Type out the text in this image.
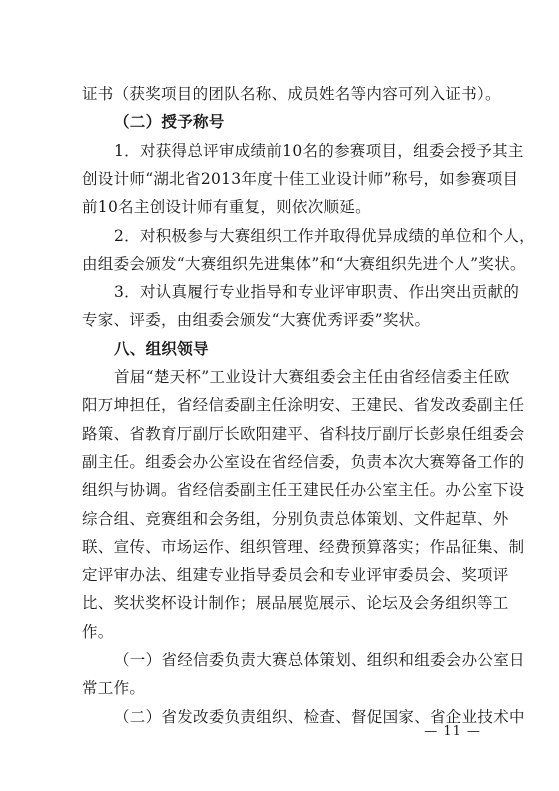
证书（获奖项目的团队名称、成员姓名等内容可列入证书）。
（二）授予称号
1．对获得总评审成绩前10名的参赛项目，组委会授予其主
创设计师“湖北省2013年度十佳工业设计师”称号，如参赛项目
前10名主创设计师有重复，则依次顺延。
2．对积极参与大赛组织工作并取得优异成绩的单位和个人，
由组委会颁发“大赛组织先进集体”和“大赛组织先进个人”奖状。
3．对认真履行专业指导和专业评审职责、作出突出贡献的
专家、评委，由组委会颁发“大赛优秀评委”奖状。
八、组织领导
首届“楚天杯”工业设计大赛组委会主任由省经信委主任欧
阳万坤担任，省经信委副主任涂明安、王建民、省发改委副主任
路策、省教育厅副厅长欧阳建平、省科技厅副厅长彭泉任组委会
副主任。组委会办公室设在省经信委，负责本次大赛筹备工作的
组织与协调。省经信委副主任王建民任办公室主任。办公室下设
综合组、竞赛组和会务组，分别负责总体策划、文件起草、外
联、宣传、市场运作、组织管理、经费预算落实；作品征集、制
定评审办法、组建专业指导委员会和专业评审委员会、奖项评
比、奖状奖杯设计制作；展品展览展示、论坛及会务组织等工
作。
（一）省经信委负责大赛总体策划、组织和组委会办公室日
常工作。
（二）省发改委负责组织、检查、督促国家、省企业技术中
— 11 —
